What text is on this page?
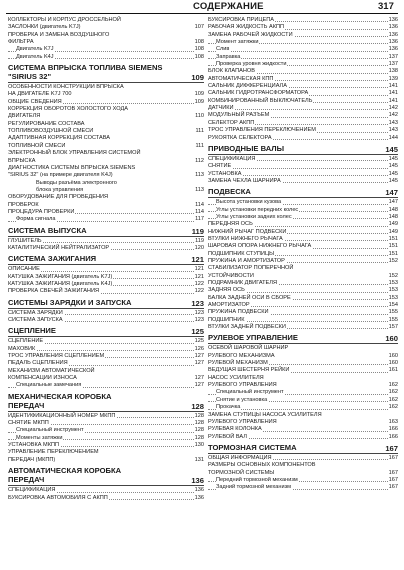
СОДЕРЖАНИЕ	317
КОЛЛЕКТОРЫ И КОРПУС ДРОССЕЛЬНОЙ
ЗАСЛОНКИ (двигатель K7J)	107
ПРОВЕРКА И ЗАМЕНА ВОЗДУШНОГО
ФИЛЬТРА	108
Двигатель K7J	108
Двигатель K4J	108
СИСТЕМА ВПРЫСКА ТОПЛИВА SIEMENS
"SIRIUS 32"	109
ОСОБЕННОСТИ КОНСТРУКЦИИ ВПРЫСКА
НА ДВИГАТЕЛЕ K7J 700	109
ОБЩИЕ СВЕДЕНИЯ	109
КОРРЕКЦИЯ ОБОРОТОВ ХОЛОСТОГО ХОДА
ДВИГАТЕЛЯ	110
РЕГУЛИРОВАНИЕ СОСТАВА
ТОПЛИВОВОЗДУШНОЙ СМЕСИ	111
АДАПТИВНАЯ КОРРЕКЦИЯ СОСТАВА
ТОПЛИВНОЙ СМЕСИ	111
ЭЛЕКТРОННЫЙ БЛОК УПРАВЛЕНИЯ СИСТЕМОЙ
ВПРЫСКА	112
ДИАГНОСТИКА СИСТЕМЫ ВПРЫСКА SIEMENS
"SIRIUS 32" (на примере двигателя K4J)	113
Выводы разъёма электронного
блока управления	113
ОБОРУДОВАНИЕ ДЛЯ ПРОВЕДЕНИЯ
ПРОВЕРОК	114
ПРОЦЕДУРА ПРОВЕРКИ	114
Форма сигнала	117
СИСТЕМА ВЫПУСКА	119
ГЛУШИТЕЛЬ	119
КАТАЛИТИЧЕСКИЙ НЕЙТРАЛИЗАТОР	120
СИСТЕМА ЗАЖИГАНИЯ	121
ОПИСАНИЕ	121
КАТУШКА ЗАЖИГАНИЯ (двигатель K7J)	121
КАТУШКА ЗАЖИГАНИЯ (двигатель K4J)	122
ПРОВЕРКА СВЕЧЕЙ ЗАЖИГАНИЯ	122
СИСТЕМЫ ЗАРЯДКИ И ЗАПУСКА	123
СИСТЕМА ЗАРЯДКИ	123
СИСТЕМА ЗАПУСКА	123
СЦЕПЛЕНИЕ	125
СЦЕПЛЕНИЕ	125
МАХОВИК	126
ТРОС УПРАВЛЕНИЯ СЦЕПЛЕНИЕМ	127
ПЕДАЛЬ СЦЕПЛЕНИЯ	127
МЕХАНИЗМ АВТОМАТИЧЕСКОЙ
КОМПЕНСАЦИИ ИЗНОСА	127
Специальные замечания	127
МЕХАНИЧЕСКАЯ КОРОБКА
ПЕРЕДАЧ	128
ИДЕНТИФИКАЦИОННЫЙ НОМЕР МКПП	128
СНЯТИЕ МКПП	128
Специальный инструмент	128
Моменты затяжки	128
УСТАНОВКА МКПП	130
УПРАВЛЕНИЕ ПЕРЕКЛЮЧЕНИЕМ
ПЕРЕДАЧ (МКПП)	131
АВТОМАТИЧЕСКАЯ КОРОБКА
ПЕРЕДАЧ	136
СПЕЦИФИКАЦИЯ	136
БУКСИРОВКА АВТОМОБИЛЯ С АКПП	136
БУКСИРОВКА ПРИЦЕПА	136
РАБОЧАЯ ЖИДКОСТЬ АКПП	136
ЗАМЕНА РАБОЧЕЙ ЖИДКОСТИ	136
Момент затяжки	136
Слив	136
Заправка	137
Проверка уровня жидкости	137
БЛОК КЛАПАНОВ	138
АВТОМАТИЧЕСКАЯ КПП	139
САЛЬНИК ДИФФЕРЕНЦИАЛА	141
САЛЬНИК ГИДРОТРАНСФОРМАТОРА	141
КОМБИНИРОВАННЫЙ ВЫКЛЮЧАТЕЛЬ	141
ДАТЧИКИ	142
МОДУЛЬНЫЙ РАЗЪЕМ	142
СЕЛЕКТОР АКПП	143
ТРОС УПРАВЛЕНИЯ ПЕРЕКЛЮЧЕНИЕМ	143
РУКОЯТКА СЕЛЕКТОРА	144
ПРИВОДНЫЕ ВАЛЫ	145
СПЕЦИФИКАЦИЯ	145
СНЯТИЕ	145
УСТАНОВКА	145
ЗАМЕНА ЧЕХЛА ШАРНИРА	145
ПОДВЕСКА	147
Высота установки кузова	147
Углы установки передних колес	148
Углы установки задних колес	148
ПЕРЕДНЯЯ ОСЬ	149
НИЖНИЙ РЫЧАГ ПОДВЕСКИ	149
ВТУЛКИ НИЖНЕГО РЫЧАГА	151
ШАРОВАЯ ОПОРА НИЖНЕГО РЫЧАГА	151
ПОДШИПНИК СТУПИЦЫ	151
ПРУЖИНА И АМОРТИЗАТОР	152
СТАБИЛИЗАТОР ПОПЕРЕЧНОЙ
УСТОЙЧИВОСТИ	152
ПОДРАМНИК ДВИГАТЕЛЯ	153
ЗАДНЯЯ ОСЬ	153
БАЛКА ЗАДНЕЙ ОСИ В СБОРЕ	153
АМОРТИЗАТОР	154
ПРУЖИНА ПОДВЕСКИ	155
ПОДШИПНИК	155
ВТУЛКИ ЗАДНЕЙ ПОДВЕСКИ	157
РУЛЕВОЕ УПРАВЛЕНИЕ	160
ОСЕВОЙ ШАРОВОЙ ШАРНИР
РУЛЕВОГО МЕХАНИЗМА	160
РУЛЕВОЙ МЕХАНИЗМ	160
ВЕДУЩАЯ ШЕСТЕРНЯ РЕЙКИ	161
НАСОС УСИЛИТЕЛЯ
РУЛЕВОГО УПРАВЛЕНИЯ	162
Специальный инструмент	162
Снятие и установка	162
Прокачка	162
ЗАМЕНА СТУПИЦЫ НАСОСА УСИЛИТЕЛЯ
РУЛЕВОГО УПРАВЛЕНИЯ	163
РУЛЕВАЯ КОЛОНКА	166
РУЛЕВОЙ ВАЛ	166
ТОРМОЗНАЯ СИСТЕМА	167
ОБЩАЯ ИНФОРМАЦИЯ	167
РАЗМЕРЫ ОСНОВНЫХ КОМПОНЕНТОВ
ТОРМОЗНОЙ СИСТЕМЫ	167
Передний тормозной механизм	167
Задний тормозной механизм	167
